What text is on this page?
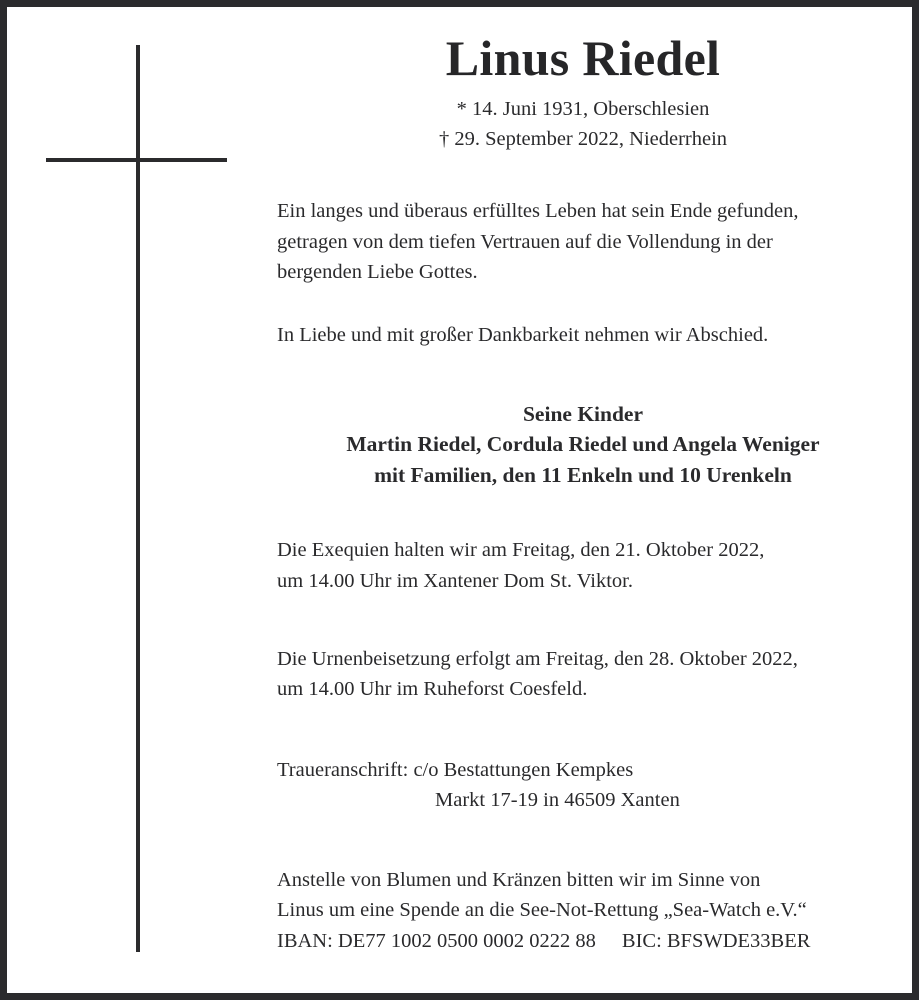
Linus Riedel
* 14. Juni 1931, Oberschlesien
† 29. September 2022, Niederrhein
Ein langes und überaus erfülltes Leben hat sein Ende gefunden,
getragen von dem tiefen Vertrauen auf die Vollendung in der
bergenden Liebe Gottes.
In Liebe und mit großer Dankbarkeit nehmen wir Abschied.
Seine Kinder
Martin Riedel, Cordula Riedel und Angela Weniger
mit Familien, den 11 Enkeln und 10 Urenkeln
Die Exequien halten wir am Freitag, den 21. Oktober 2022,
um 14.00 Uhr im Xantener Dom St. Viktor.
Die Urnenbeisetzung erfolgt am Freitag, den 28. Oktober 2022,
um 14.00 Uhr im Ruheforst Coesfeld.
Traueranschrift: c/o Bestattungen Kempkes
Markt 17-19 in 46509 Xanten
Anstelle von Blumen und Kränzen bitten wir im Sinne von
Linus um eine Spende an die See-Not-Rettung „Sea-Watch e.V.“
IBAN: DE77 1002 0500 0002 0222 88 BIC: BFSWDE33BER
